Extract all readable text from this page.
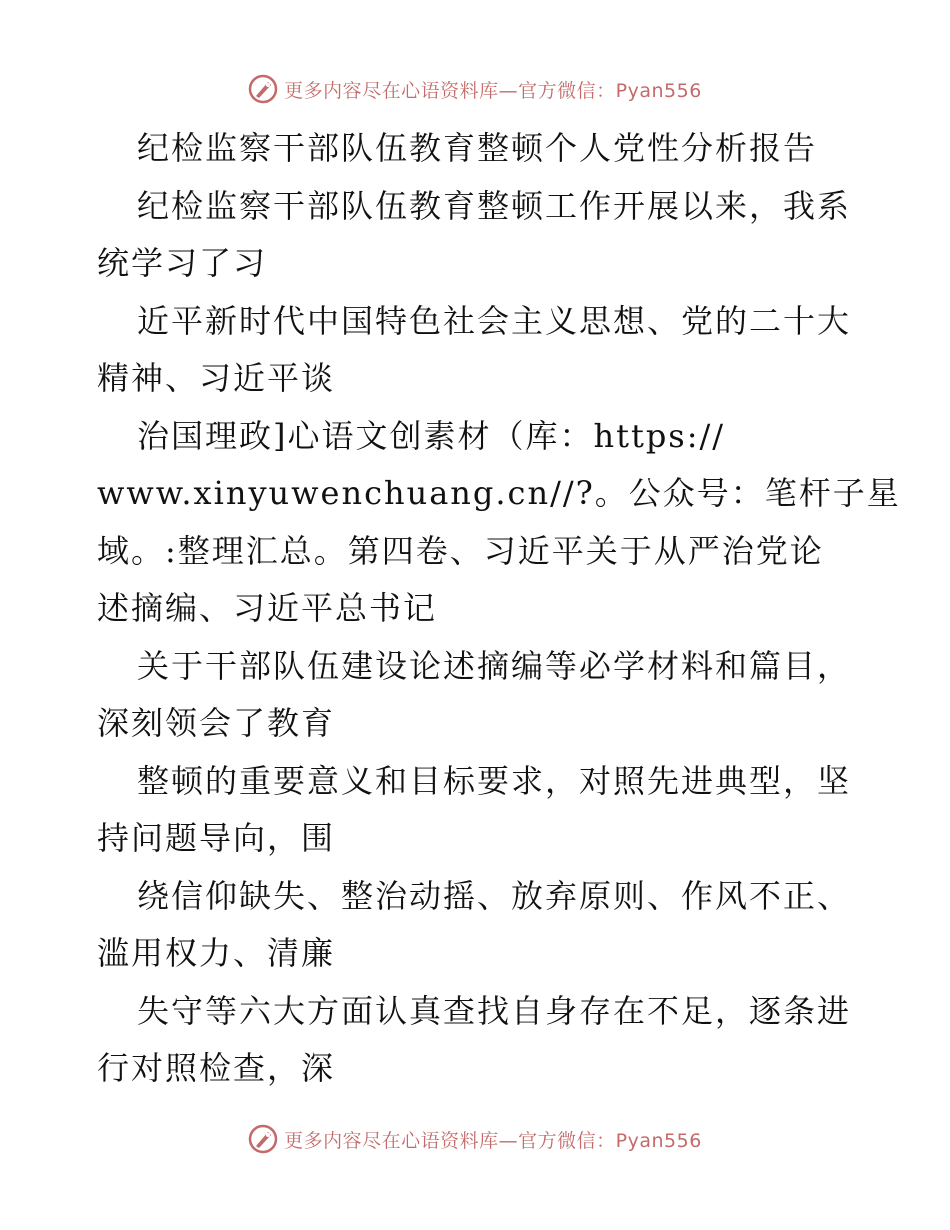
更多内容尽在心语资料库—官方微信：Pyan556
纪检监察干部队伍教育整顿个人党性分析报告
纪检监察干部队伍教育整顿工作开展以来，我系
统学习了习
近平新时代中国特色社会主义思想、党的二十大
精神、习近平谈
治国理政]心语文创素材（库：https://
www.xinyuwenchuang.cn//?。公众号：笔杆子星
域。:整理汇总。第四卷、习近平关于从严治党论
述摘编、习近平总书记
关于干部队伍建设论述摘编等必学材料和篇目，
深刻领会了教育
整顿的重要意义和目标要求，对照先进典型，坚
持问题导向，围
绕信仰缺失、整治动摇、放弃原则、作风不正、
滥用权力、清廉
失守等六大方面认真查找自身存在不足，逐条进
行对照检查，深
更多内容尽在心语资料库—官方微信：Pyan556
